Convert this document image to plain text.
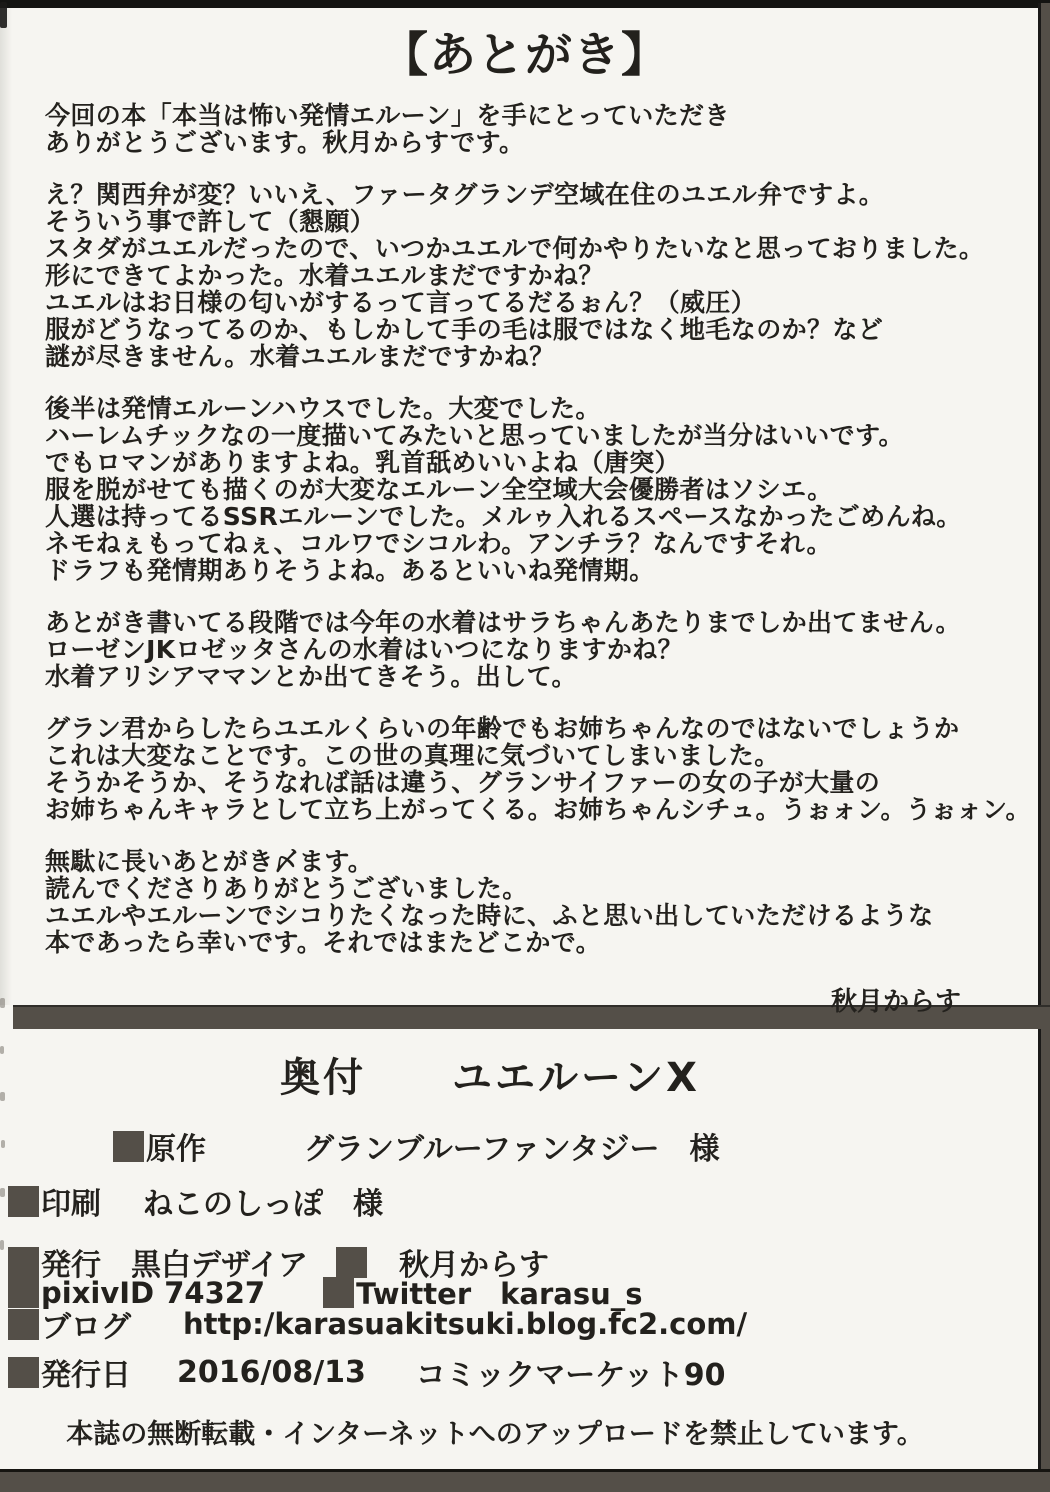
【あとがき】
今回の本「本当は怖い発情エルーン」を手にとっていただき
ありがとうございます。秋月からすです。
え？関西弁が変？いいえ、ファータグランデ空域在住のユエル弁ですよ。
そういう事で許して（懇願）
スタダがユエルだったので、いつかユエルで何かやりたいなと思っておりました。
形にできてよかった。水着ユエルまだですかね？
ユエルはお日様の匂いがするって言ってるだるぉん？（威圧）
服がどうなってるのか、もしかして手の毛は服ではなく地毛なのか？など
謎が尽きません。水着ユエルまだですかね？
後半は発情エルーンハウスでした。大変でした。
ハーレムチックなの一度描いてみたいと思っていましたが当分はいいです。
でもロマンがありますよね。乳首舐めいいよね（唐突）
服を脱がせても描くのが大変なエルーン全空域大会優勝者はソシエ。
人選は持ってるSSRエルーンでした。メルゥ入れるスペースなかったごめんね。
ネモねぇもってねぇ、コルワでシコルわ。アンチラ？なんですそれ。
ドラフも発情期ありそうよね。あるといいね発情期。
あとがき書いてる段階では今年の水着はサラちゃんあたりまでしか出てません。
ローゼンJKロゼッタさんの水着はいつになりますかね？
水着アリシアママンとか出てきそう。出して。
グラン君からしたらユエルくらいの年齢でもお姉ちゃんなのではないでしょうか
これは大変なことです。この世の真理に気づいてしまいました。
そうかそうか、そうなれば話は違う、グランサイファーの女の子が大量の
お姉ちゃんキャラとして立ち上がってくる。お姉ちゃんシチュ。うぉォン。うぉォン。
無駄に長いあとがき〆ます。
読んでくださりありがとうございました。
ユエルやエルーンでシコりたくなった時に、ふと思い出していただけるような
本であったら幸いです。それではまたどこかで。
秋月からす
奥付　　ユエルーンX
原作	グランブルーファンタジー　様
印刷 ねこのしっぽ　様
発行 黒白デザイア	秋月からす
pixivID 74327	Twitter　karasu_s
ブログ http:/karasuakitsuki.blog.fc2.com/
発行日 2016/08/13 コミックマーケット90
本誌の無断転載・インターネットへのアップロードを禁止しています。
